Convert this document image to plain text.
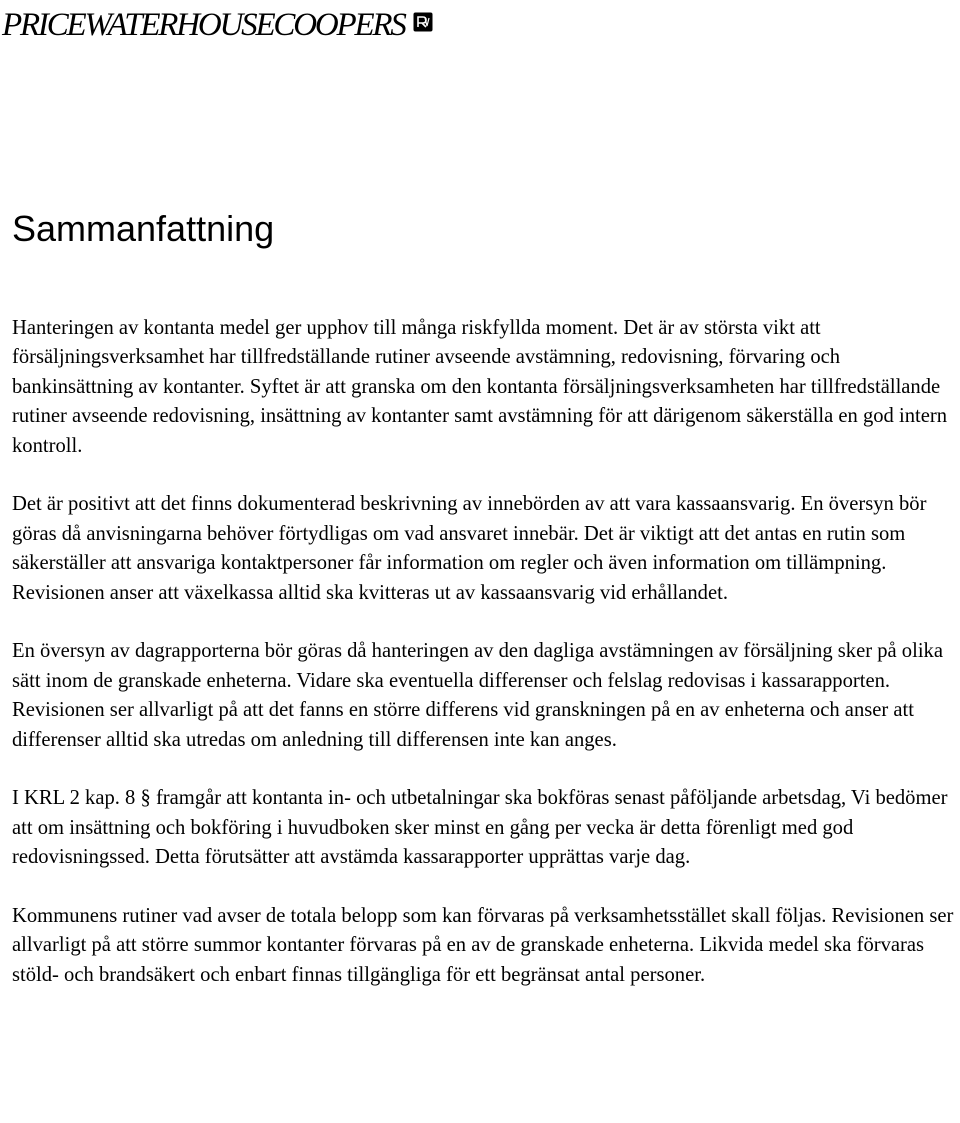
PRICEWATERHOUSECOOPERS
Sammanfattning

Hanteringen av kontanta medel ger upphov till många riskfyllda moment. Det är av största vikt att försäljningsverksamhet har tillfredställande rutiner avseende avstämning, redovisning, förvaring och bankinsättning av kontanter. Syftet är att granska om den kontanta försäljningsverksamheten har tillfredställande rutiner avseende redovisning, insättning av kontanter samt avstämning för att därigenom säkerställa en god intern kontroll.

Det är positivt att det finns dokumenterad beskrivning av innebörden av att vara kassaansvarig. En översyn bör göras då anvisningarna behöver förtydligas om vad ansvaret innebär. Det är viktigt att det antas en rutin som säkerställer att ansvariga kontaktpersoner får information om regler och även information om tillämpning. Revisionen anser att växelkassa alltid ska kvitteras ut av kassaansvarig vid erhållandet.

En översyn av dagrapporterna bör göras då hanteringen av den dagliga avstämningen av försäljning sker på olika sätt inom de granskade enheterna. Vidare ska eventuella differenser och felslag redovisas i kassarapporten. Revisionen ser allvarligt på att det fanns en större differens vid granskningen på en av enheterna och anser att differenser alltid ska utredas om anledning till differensen inte kan anges.

I KRL 2 kap. 8 § framgår att kontanta in- och utbetalningar ska bokföras senast påföljande arbetsdag, Vi bedömer att om insättning och bokföring i huvudboken sker minst en gång per vecka är detta förenligt med god redovisningssed. Detta förutsätter att avstämda kassarapporter upprättas varje dag.

Kommunens rutiner vad avser de totala belopp som kan förvaras på verksamhetsstället skall följas. Revisionen ser allvarligt på att större summor kontanter förvaras på en av de granskade enheterna. Likvida medel ska förvaras stöld- och brandsäkert och enbart finnas tillgängliga för ett begränsat antal personer.
